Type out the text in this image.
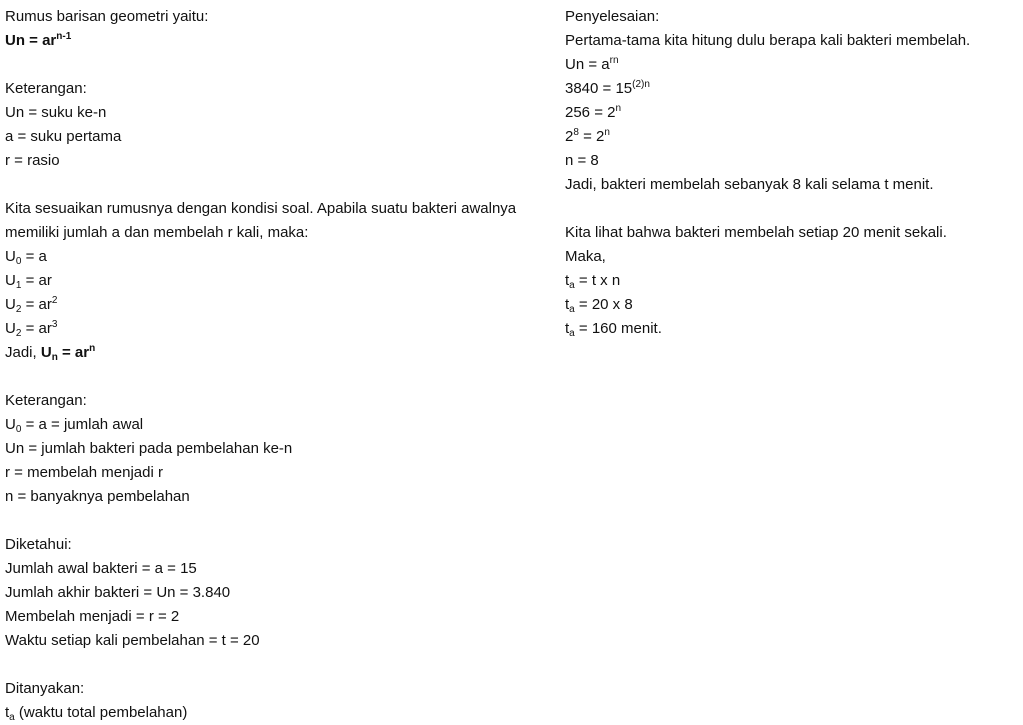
Rumus barisan geometri yaitu:
$Un = ar^{n-1}$
Keterangan:
Un = suku ke-n
a = suku pertama
r = rasio
Kita sesuaikan rumusnya dengan kondisi soal. Apabila suatu bakteri awalnya memiliki jumlah a dan membelah r kali, maka:
$U_0 = a$
$U_1$ = ar
$U_2 = ar^2$
$U_2 = ar^3$
Jadi, $U_n = ar^n$
Keterangan:
$U_0 = a$ = jumlah awal
Un = jumlah bakteri pada pembelahan ke-n
r = membelah menjadi r
n = banyaknya pembelahan
Diketahui:
Jumlah awal bakteri = a = 15
Jumlah akhir bakteri = Un = 3.840
Membelah menjadi = r = 2
Waktu setiap kali pembelahan = t = 20
Ditanyakan:
$t_a$ (waktu total pembelahan)
Penyelesaian:
Pertama-tama kita hitung dulu berapa kali bakteri membelah.
$Un = a^{rn}$
$3840 = 15^{(2)n}$
$256 = 2^n$
$2^8 = 2^n$
n = 8
Jadi, bakteri membelah sebanyak 8 kali selama t menit.
Kita lihat bahwa bakteri membelah setiap 20 menit sekali.
Maka,
$t_a = t$ x n
$t_a = 20$ x 8
$t_a = 160$ menit.
